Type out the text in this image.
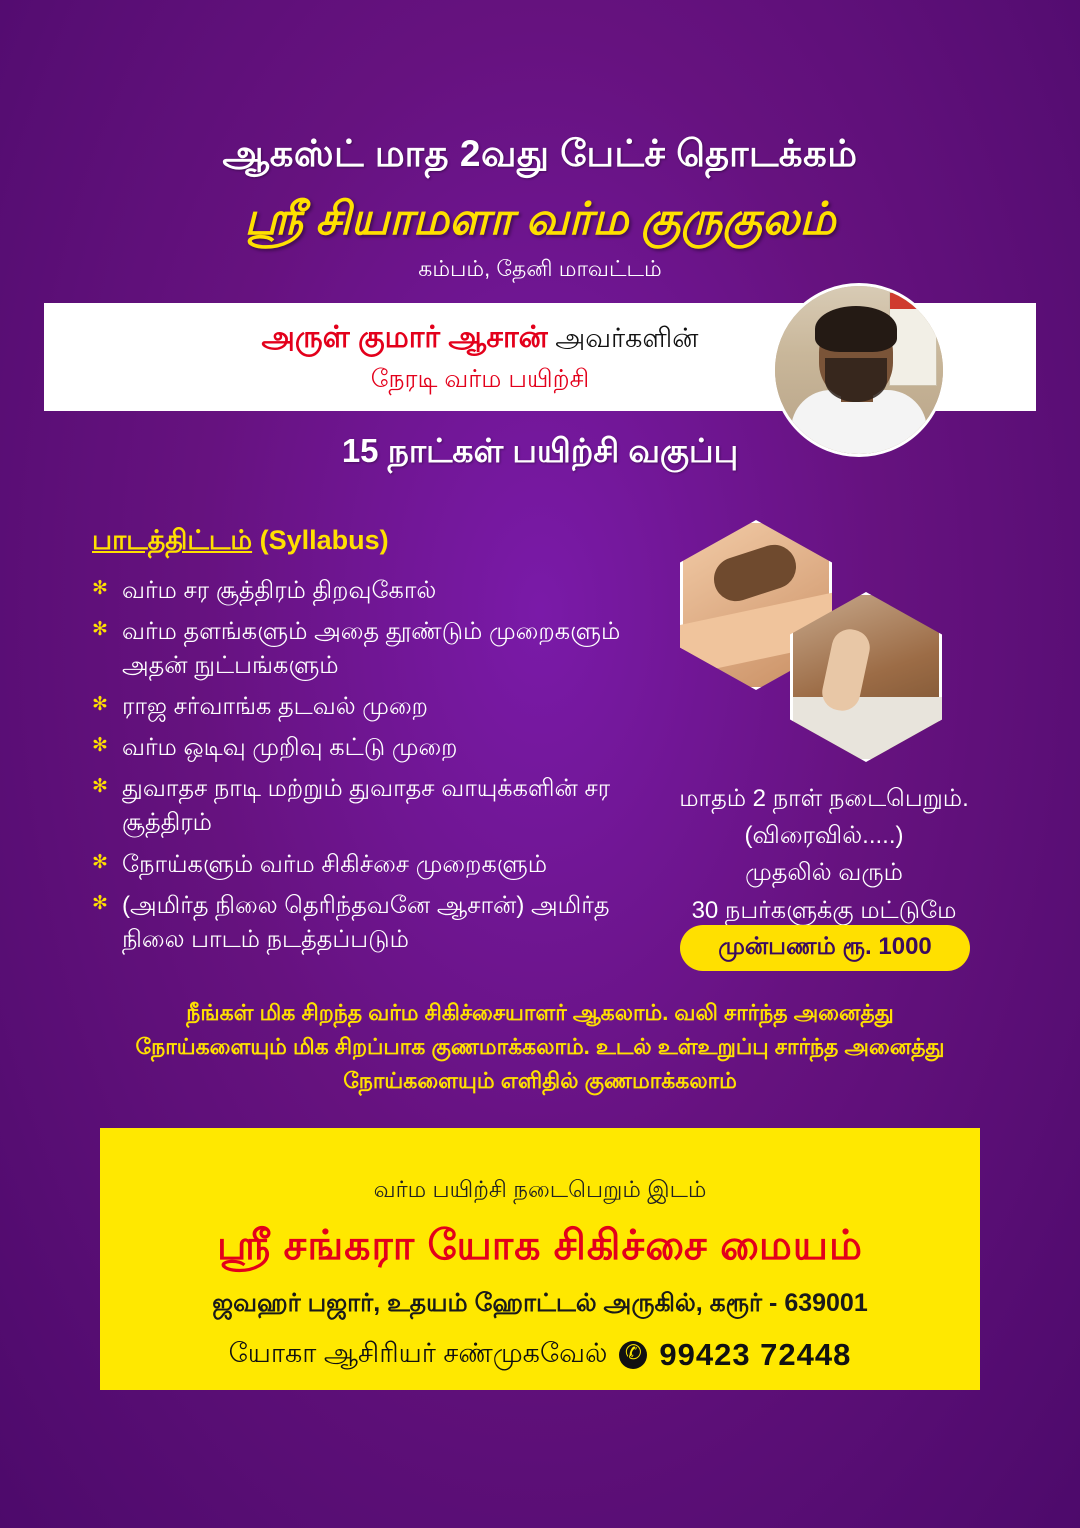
ஆகஸ்ட் மாத 2வது பேட்ச் தொடக்கம்
ஸ்ரீ சியாமளா வர்ம குருகுலம்
கம்பம், தேனி மாவட்டம்
அருள் குமார் ஆசான் அவர்களின்
நேரடி வர்ம பயிற்சி
15 நாட்கள் பயிற்சி வகுப்பு
பாடத்திட்டம் (Syllabus)
✻ வர்ம சர சூத்திரம் திறவுகோல்
✻ வர்ம தளங்களும் அதை தூண்டும் முறைகளும் அதன் நுட்பங்களும்
✻ ராஜ சர்வாங்க தடவல் முறை
✻ வர்ம ஒடிவு முறிவு கட்டு முறை
✻ துவாதச நாடி மற்றும் துவாதச வாயுக்களின் சர சூத்திரம்
✻ நோய்களும் வர்ம சிகிச்சை முறைகளும்
✻ (அமிர்த நிலை தெரிந்தவனே ஆசான்) அமிர்த நிலை பாடம் நடத்தப்படும்
மாதம் 2 நாள் நடைபெறும்.
(விரைவில்.....)
முதலில் வரும்
30 நபர்களுக்கு மட்டுமே
முன்பணம் ரூ. 1000
நீங்கள் மிக சிறந்த வர்ம சிகிச்சையாளர் ஆகலாம். வலி சார்ந்த அனைத்து நோய்களையும் மிக சிறப்பாக குணமாக்கலாம். உடல் உள்உறுப்பு சார்ந்த அனைத்து நோய்களையும் எளிதில் குணமாக்கலாம்
வர்ம பயிற்சி நடைபெறும் இடம்
ஸ்ரீ சங்கரா யோக சிகிச்சை மையம்
ஜவஹர் பஜார், உதயம் ஹோட்டல் அருகில், கரூர் - 639001
யோகா ஆசிரியர் சண்முகவேல் ✆ 99423 72448
